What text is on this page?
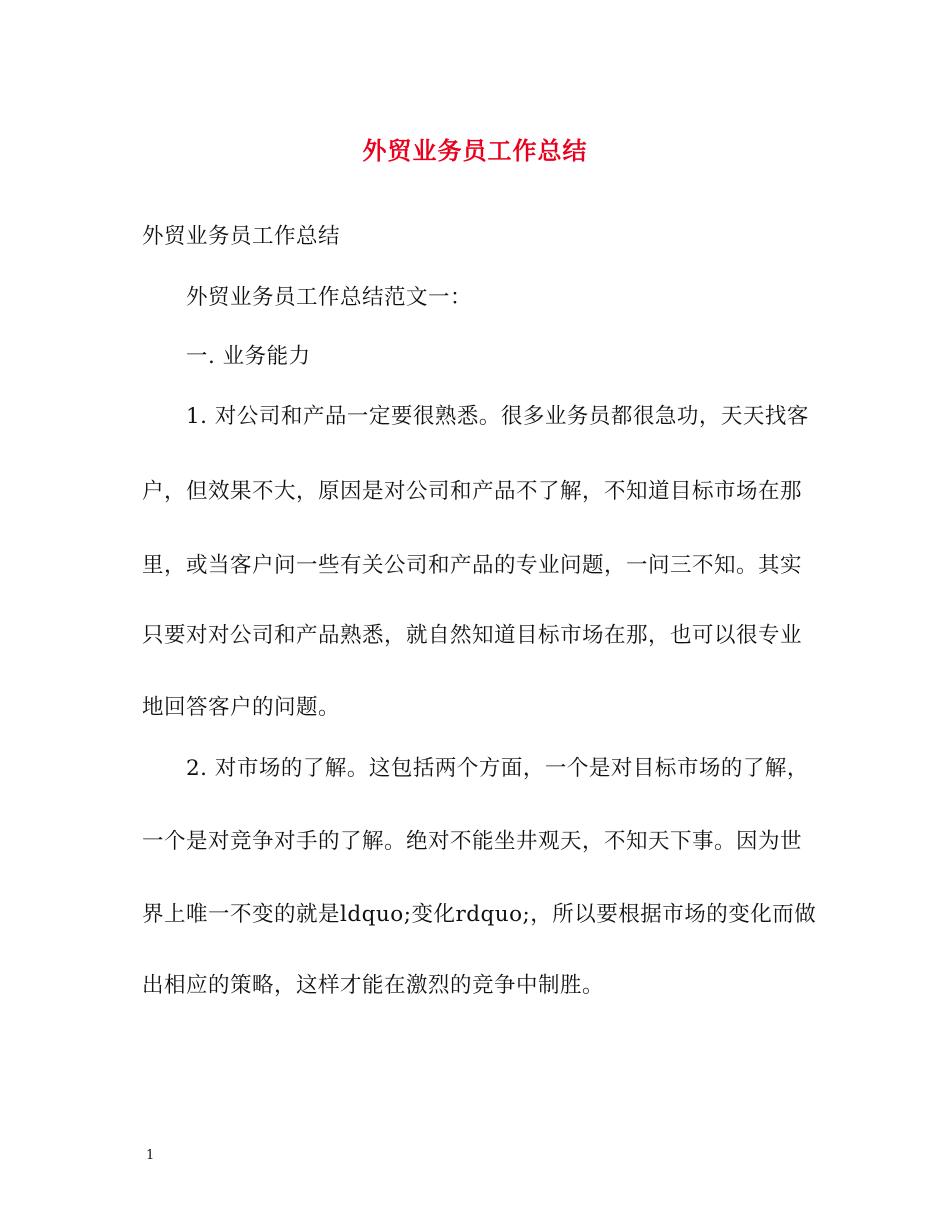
外贸业务员工作总结
外贸业务员工作总结
外贸业务员工作总结范文一：
一. 业务能力
1. 对公司和产品一定要很熟悉。很多业务员都很急功，天天找客
户，但效果不大，原因是对公司和产品不了解，不知道目标市场在那
里，或当客户问一些有关公司和产品的专业问题，一问三不知。其实
只要对对公司和产品熟悉，就自然知道目标市场在那，也可以很专业
地回答客户的问题。
2. 对市场的了解。这包括两个方面，一个是对目标市场的了解，
一个是对竞争对手的了解。绝对不能坐井观天，不知天下事。因为世
界上唯一不变的就是ldquo;变化rdquo;，所以要根据市场的变化而做
出相应的策略，这样才能在激烈的竞争中制胜。
1
